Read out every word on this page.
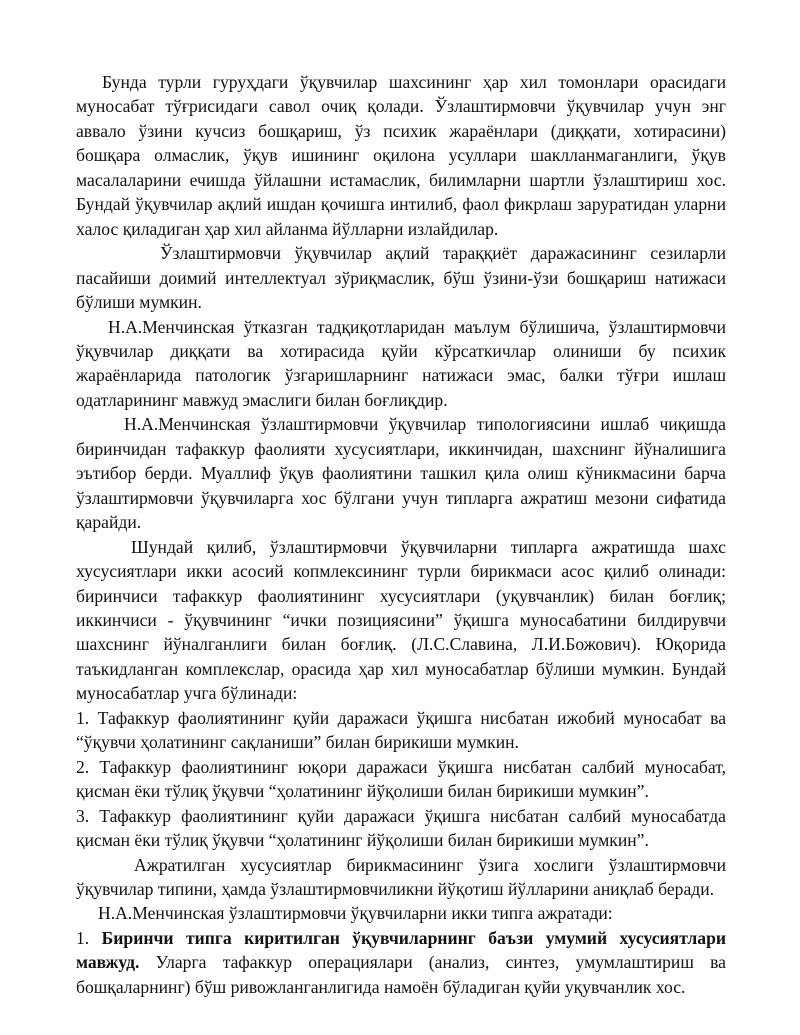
Бунда турли гуруҳдаги ўқувчилар шахсининг ҳар хил томонлари орасидаги муносабат тўғрисидаги савол очиқ қолади. Ўзлаштирмовчи ўқувчилар учун энг аввало ўзини кучсиз бошқариш, ўз психик жараёнлари (диққати, хотирасини) бошқара олмаслик, ўқув ишининг оқилона усуллари шаклланмаганлиги, ўқув масалаларини ечишда ўйлашни истамаслик, билимларни шартли ўзлаштириш хос. Бундай ўқувчилар ақлий ишдан қочишга интилиб, фаол фикрлаш заруратидан уларни халос қиладиган ҳар хил айланма йўлларни излайдилар.

Ўзлаштирмовчи ўқувчилар ақлий тараққиёт даражасининг сезиларли пасайиши доимий интеллектуал зўриқмаслик, бўш ўзини-ўзи бошқариш натижаси бўлиши мумкин.

Н.А.Менчинская ўтказган тадқиқотларидан маълум бўлишича, ўзлаштирмовчи ўқувчилар диққати ва хотирасида қуйи кўрсаткичлар олиниши бу психик жараёнларида патологик ўзгаришларнинг натижаси эмас, балки тўғри ишлаш одатларининг мавжуд эмаслиги билан боғлиқдир.

Н.А.Менчинская ўзлаштирмовчи ўқувчилар типологиясини ишлаб чиқишда биринчидан тафаккур фаолияти хусусиятлари, иккинчидан, шахснинг йўналишига эътибор берди. Муаллиф ўқув фаолиятини ташкил қила олиш кўникмасини барча ўзлаштирмовчи ўқувчиларга хос бўлгани учун типларга ажратиш мезони сифатида қарайди.

Шундай қилиб, ўзлаштирмовчи ўқувчиларни типларга ажратишда шахс хусусиятлари икки асосий копмлексининг турли бирикмаси асос қилиб олинади: биринчиси тафаккур фаолиятининг хусусиятлари (уқувчанлик) билан боғлиқ; иккинчиси - ўқувчининг “ички позициясини” ўқишга муносабатини билдирувчи шахснинг йўналганлиги билан боғлиқ. (Л.С.Славина, Л.И.Божович). Юқорида таъкидланган комплекслар, орасида ҳар хил муносабатлар бўлиши мумкин. Бундай муносабатлар учга бўлинади:

1. Тафаккур фаолиятининг қуйи даражаси ўқишга нисбатан ижобий муносабат ва “ўқувчи ҳолатининг сақланиши” билан бирикиши мумкин.

2. Тафаккур фаолиятининг юқори даражаси ўқишга нисбатан салбий муносабат, қисман ёки тўлиқ ўқувчи “ҳолатининг йўқолиши билан бирикиши мумкин”.

3. Тафаккур фаолиятининг қуйи даражаси ўқишга нисбатан салбий муносабатда қисман ёки тўлиқ ўқувчи “ҳолатининг йўқолиши билан бирикиши мумкин”.

Ажратилган хусусиятлар бирикмасининг ўзига хослиги ўзлаштирмовчи ўқувчилар типини, ҳамда ўзлаштирмовчиликни йўқотиш йўлларини аниқлаб беради.

Н.А.Менчинская ўзлаштирмовчи ўқувчиларни икки типга ажратади:

1. Биринчи типга киритилган ўқувчиларнинг баъзи умумий хусусиятлари мавжуд. Уларга тафаккур операциялари (анализ, синтез, умумлаштириш ва бошқаларнинг) бўш ривожланганлигида намоён бўладиган қуйи уқувчанлик хос.
